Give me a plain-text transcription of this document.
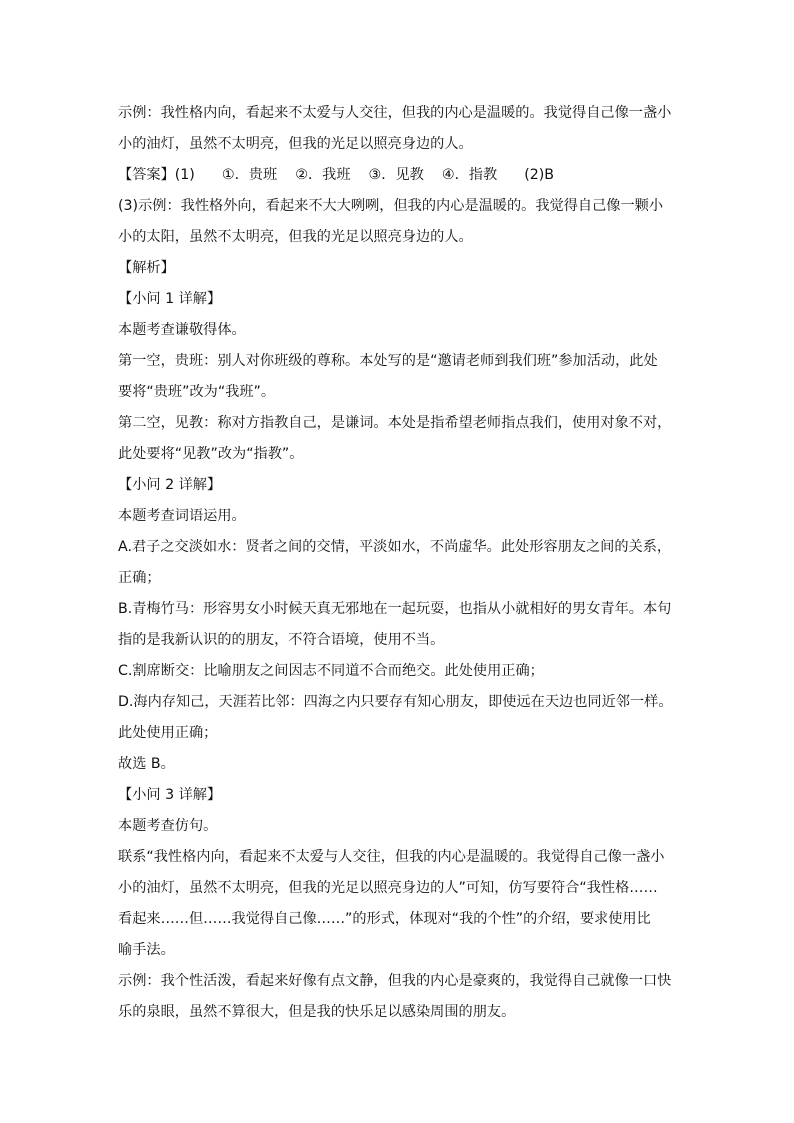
示例：我性格内向，看起来不太爱与人交往，但我的内心是温暖的。我觉得自己像一盏小
小的油灯，虽然不太明亮，但我的光足以照亮身边的人。
【答案】(1)      ①．贵班    ②．我班    ③．见教    ④．指教      (2)B
(3)示例：我性格外向，看起来不大大咧咧，但我的内心是温暖的。我觉得自己像一颗小
小的太阳，虽然不太明亮，但我的光足以照亮身边的人。
【解析】
【小问 1 详解】
本题考查谦敬得体。
第一空，贵班：别人对你班级的尊称。本处写的是“邀请老师到我们班”参加活动，此处
要将“贵班”改为“我班”。
第二空，见教：称对方指教自己，是谦词。本处是指希望老师指点我们，使用对象不对，
此处要将“见教”改为“指教”。
【小问 2 详解】
本题考查词语运用。
A.君子之交淡如水：贤者之间的交情，平淡如水，不尚虚华。此处形容朋友之间的关系，
正确；
B.青梅竹马：形容男女小时候天真无邪地在一起玩耍，也指从小就相好的男女青年。本句
指的是我新认识的的朋友，不符合语境，使用不当。
C.割席断交：比喻朋友之间因志不同道不合而绝交。此处使用正确；
D.海内存知己，天涯若比邻：四海之内只要存有知心朋友，即使远在天边也同近邻一样。
此处使用正确；
故选 B。
【小问 3 详解】
本题考查仿句。
联系“我性格内向，看起来不太爱与人交往，但我的内心是温暖的。我觉得自己像一盏小
小的油灯，虽然不太明亮，但我的光足以照亮身边的人”可知，仿写要符合“我性格……
看起来……但……我觉得自己像……”的形式，体现对“我的个性”的介绍，要求使用比
喻手法。
示例：我个性活泼，看起来好像有点文静，但我的内心是豪爽的，我觉得自己就像一口快
乐的泉眼，虽然不算很大，但是我的快乐足以感染周围的朋友。
